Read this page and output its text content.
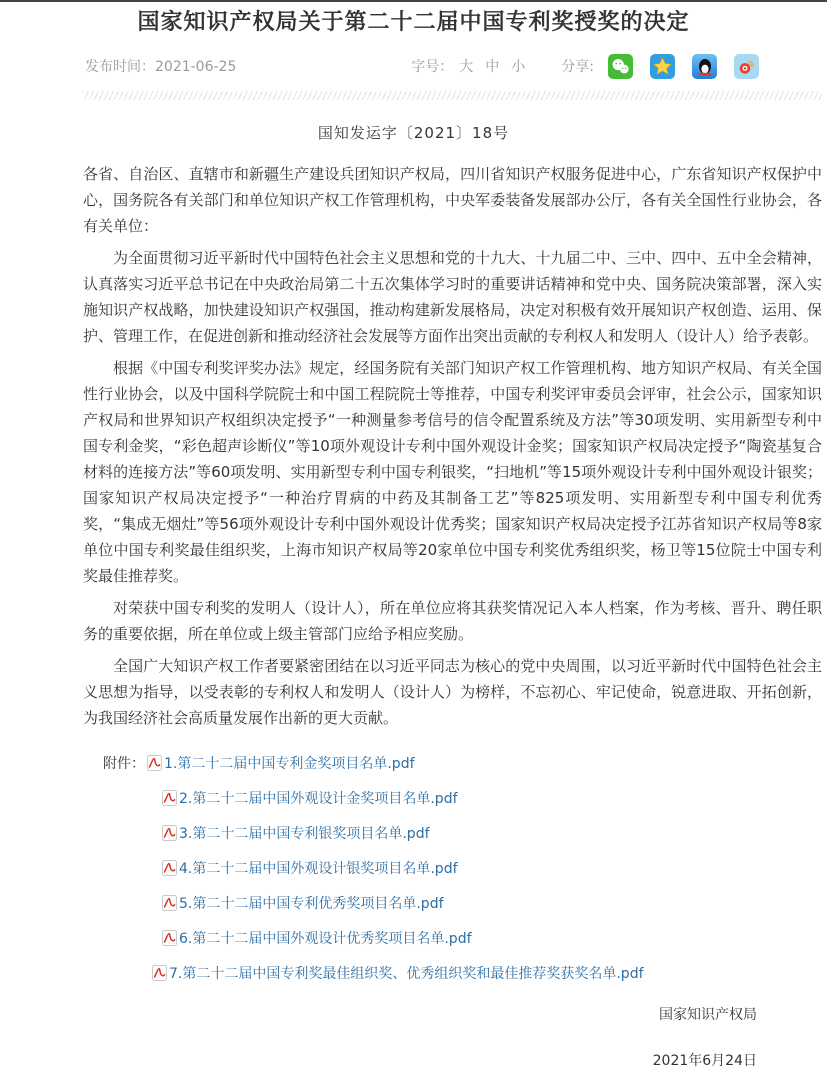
国家知识产权局关于第二十二届中国专利奖授奖的决定
发布时间：2021-06-25	字号： 大 中 小	分享:
国知发运字〔2021〕18号

各省、自治区、直辖市和新疆生产建设兵团知识产权局，四川省知识产权服务促进中心，广东省知识产权保护中心，国务院各有关部门和单位知识产权工作管理机构，中央军委装备发展部办公厅，各有关全国性行业协会，各有关单位：

为全面贯彻习近平新时代中国特色社会主义思想和党的十九大、十九届二中、三中、四中、五中全会精神，认真落实习近平总书记在中央政治局第二十五次集体学习时的重要讲话精神和党中央、国务院决策部署，深入实施知识产权战略，加快建设知识产权强国，推动构建新发展格局，决定对积极有效开展知识产权创造、运用、保护、管理工作，在促进创新和推动经济社会发展等方面作出突出贡献的专利权人和发明人（设计人）给予表彰。

根据《中国专利奖评奖办法》规定，经国务院有关部门知识产权工作管理机构、地方知识产权局、有关全国性行业协会，以及中国科学院院士和中国工程院院士等推荐，中国专利奖评审委员会评审，社会公示，国家知识产权局和世界知识产权组织决定授予“一种测量参考信号的信令配置系统及方法”等30项发明、实用新型专利中国专利金奖，“彩色超声诊断仪”等10项外观设计专利中国外观设计金奖；国家知识产权局决定授予“陶瓷基复合材料的连接方法”等60项发明、实用新型专利中国专利银奖，“扫地机”等15项外观设计专利中国外观设计银奖；国家知识产权局决定授予“一种治疗胃病的中药及其制备工艺”等825项发明、实用新型专利中国专利优秀奖，“集成无烟灶”等56项外观设计专利中国外观设计优秀奖；国家知识产权局决定授予江苏省知识产权局等8家单位中国专利奖最佳组织奖，上海市知识产权局等20家单位中国专利奖优秀组织奖，杨卫等15位院士中国专利奖最佳推荐奖。

对荣获中国专利奖的发明人（设计人），所在单位应将其获奖情况记入本人档案，作为考核、晋升、聘任职务的重要依据，所在单位或上级主管部门应给予相应奖励。

全国广大知识产权工作者要紧密团结在以习近平同志为核心的党中央周围，以习近平新时代中国特色社会主义思想为指导，以受表彰的专利权人和发明人（设计人）为榜样，不忘初心、牢记使命，锐意进取、开拓创新，为我国经济社会高质量发展作出新的更大贡献。

附件： 1.第二十二届中国专利金奖项目名单.pdf
2.第二十二届中国外观设计金奖项目名单.pdf
3.第二十二届中国专利银奖项目名单.pdf
4.第二十二届中国外观设计银奖项目名单.pdf
5.第二十二届中国专利优秀奖项目名单.pdf
6.第二十二届中国外观设计优秀奖项目名单.pdf
7.第二十二届中国专利奖最佳组织奖、优秀组织奖和最佳推荐奖获奖名单.pdf
国家知识产权局
2021年6月24日
